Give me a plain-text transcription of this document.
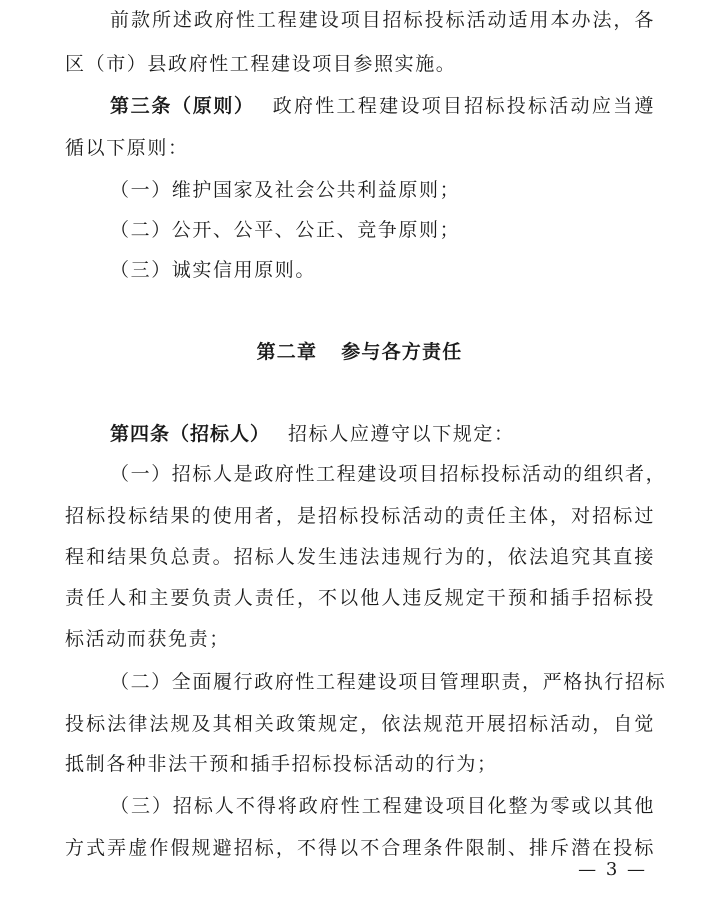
前款所述政府性工程建设项目招标投标活动适用本办法，各
区（市）县政府性工程建设项目参照实施。
第三条（原则） 政府性工程建设项目招标投标活动应当遵
循以下原则：
（一）维护国家及社会公共利益原则；
（二）公开、公平、公正、竞争原则；
（三）诚实信用原则。
第二章 参与各方责任
第四条（招标人） 招标人应遵守以下规定：
（一）招标人是政府性工程建设项目招标投标活动的组织者，
招标投标结果的使用者，是招标投标活动的责任主体，对招标过
程和结果负总责。招标人发生违法违规行为的，依法追究其直接
责任人和主要负责人责任，不以他人违反规定干预和插手招标投
标活动而获免责；
（二）全面履行政府性工程建设项目管理职责，严格执行招标
投标法律法规及其相关政策规定，依法规范开展招标活动，自觉
抵制各种非法干预和插手招标投标活动的行为；
（三）招标人不得将政府性工程建设项目化整为零或以其他
方式弄虚作假规避招标，不得以不合理条件限制、排斥潜在投标
— 3 —
